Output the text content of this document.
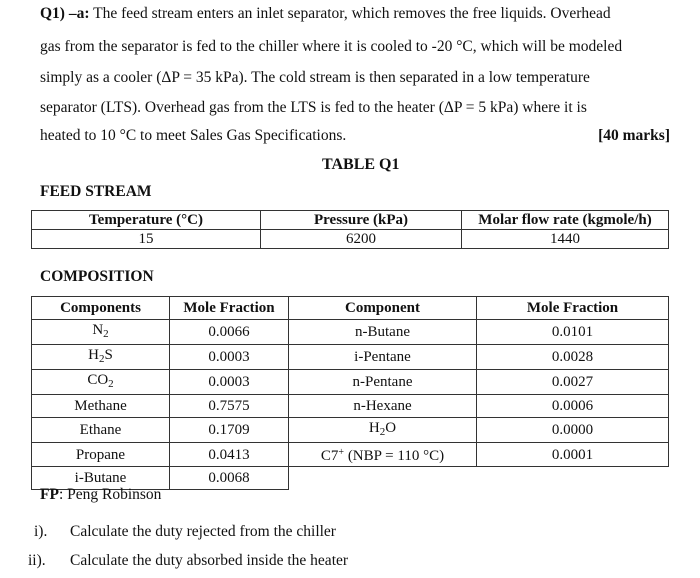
Q1) –a: The feed stream enters an inlet separator, which removes the free liquids. Overhead
gas from the separator is fed to the chiller where it is cooled to -20 °C, which will be modeled
simply as a cooler (ΔP = 35 kPa). The cold stream is then separated in a low temperature
separator (LTS). Overhead gas from the LTS is fed to the heater (ΔP = 5 kPa) where it is
heated to 10 °C to meet Sales Gas Specifications.	[40 marks]
TABLE Q1
FEED STREAM
Temperature (°C)	Pressure (kPa)	Molar flow rate (kgmole/h)
15	6200	1440
COMPOSITION
Components	Mole Fraction	Component	Mole Fraction
$N_2$	0.0066	n-Butane	0.0101
$H_2S$	0.0003	i-Pentane	0.0028
$CO_2$	0.0003	n-Pentane	0.0027
Methane	0.7575	n-Hexane	0.0006
Ethane	0.1709	$H_2O$	0.0000
Propane	0.0413	C7+ (NBP = 110 °C)	0.0001
i-Butane	0.0068		
FP: Peng Robinson
i). Calculate the duty rejected from the chiller
ii). Calculate the duty absorbed inside the heater
